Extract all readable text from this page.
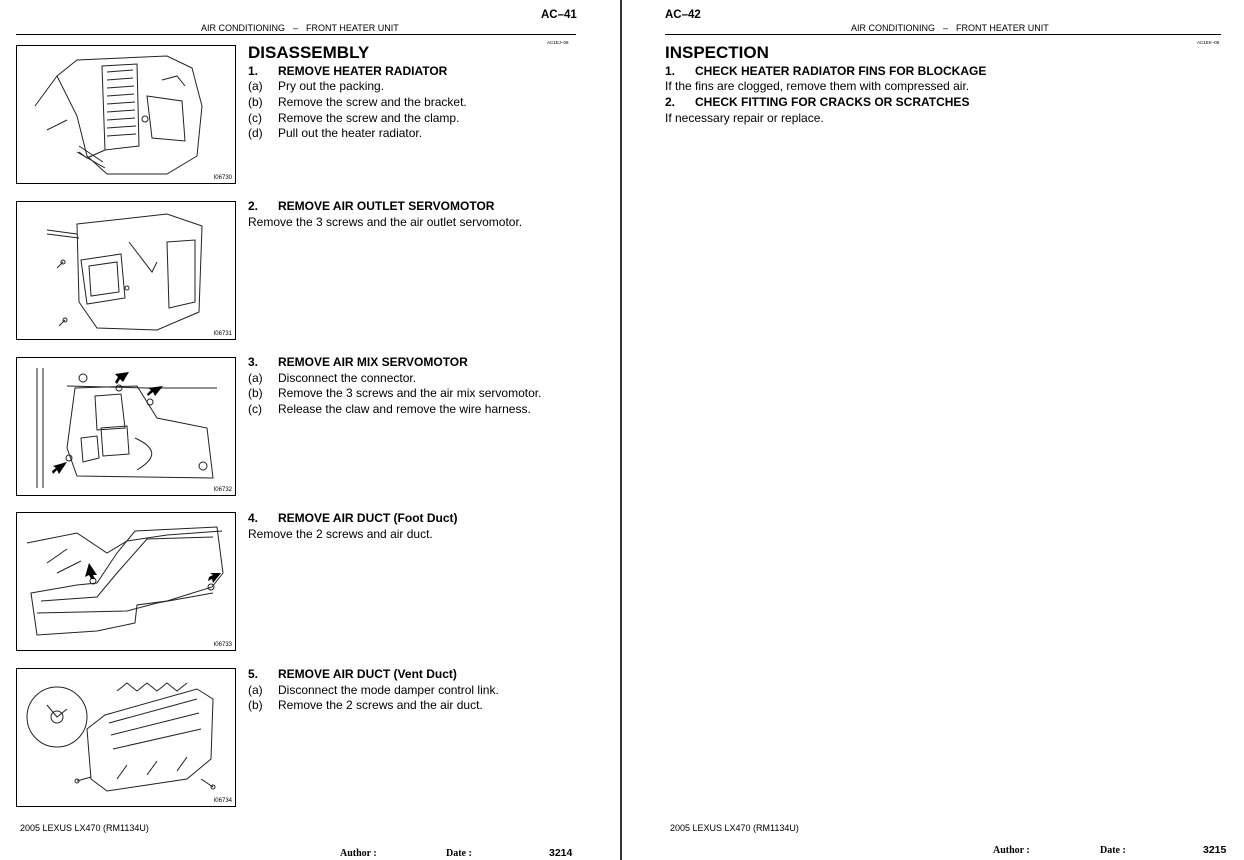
AC–41
AIR CONDITIONING – FRONT HEATER UNIT
AC1EJ–08
DISASSEMBLY
1. REMOVE HEATER RADIATOR
(a) Pry out the packing.
(b) Remove the screw and the bracket.
(c) Remove the screw and the clamp.
(d) Pull out the heater radiator.
I06730
2. REMOVE AIR OUTLET SERVOMOTOR
Remove the 3 screws and the air outlet servomotor.
I06731
3. REMOVE AIR MIX SERVOMOTOR
(a) Disconnect the connector.
(b) Remove the 3 screws and the air mix servomotor.
(c) Release the claw and remove the wire harness.
I06732
4. REMOVE AIR DUCT (Foot Duct)
Remove the 2 screws and air duct.
I06733
5. REMOVE AIR DUCT (Vent Duct)
(a) Disconnect the mode damper control link.
(b) Remove the 2 screws and the air duct.
I06734
2005 LEXUS LX470 (RM1134U)
Author :	Date :	3214
AC–42
AIR CONDITIONING – FRONT HEATER UNIT
AC1EK–08
INSPECTION
1. CHECK HEATER RADIATOR FINS FOR BLOCKAGE
If the fins are clogged, remove them with compressed air.
2. CHECK FITTING FOR CRACKS OR SCRATCHES
If necessary repair or replace.
2005 LEXUS LX470 (RM1134U)
Author :	Date :	3215
